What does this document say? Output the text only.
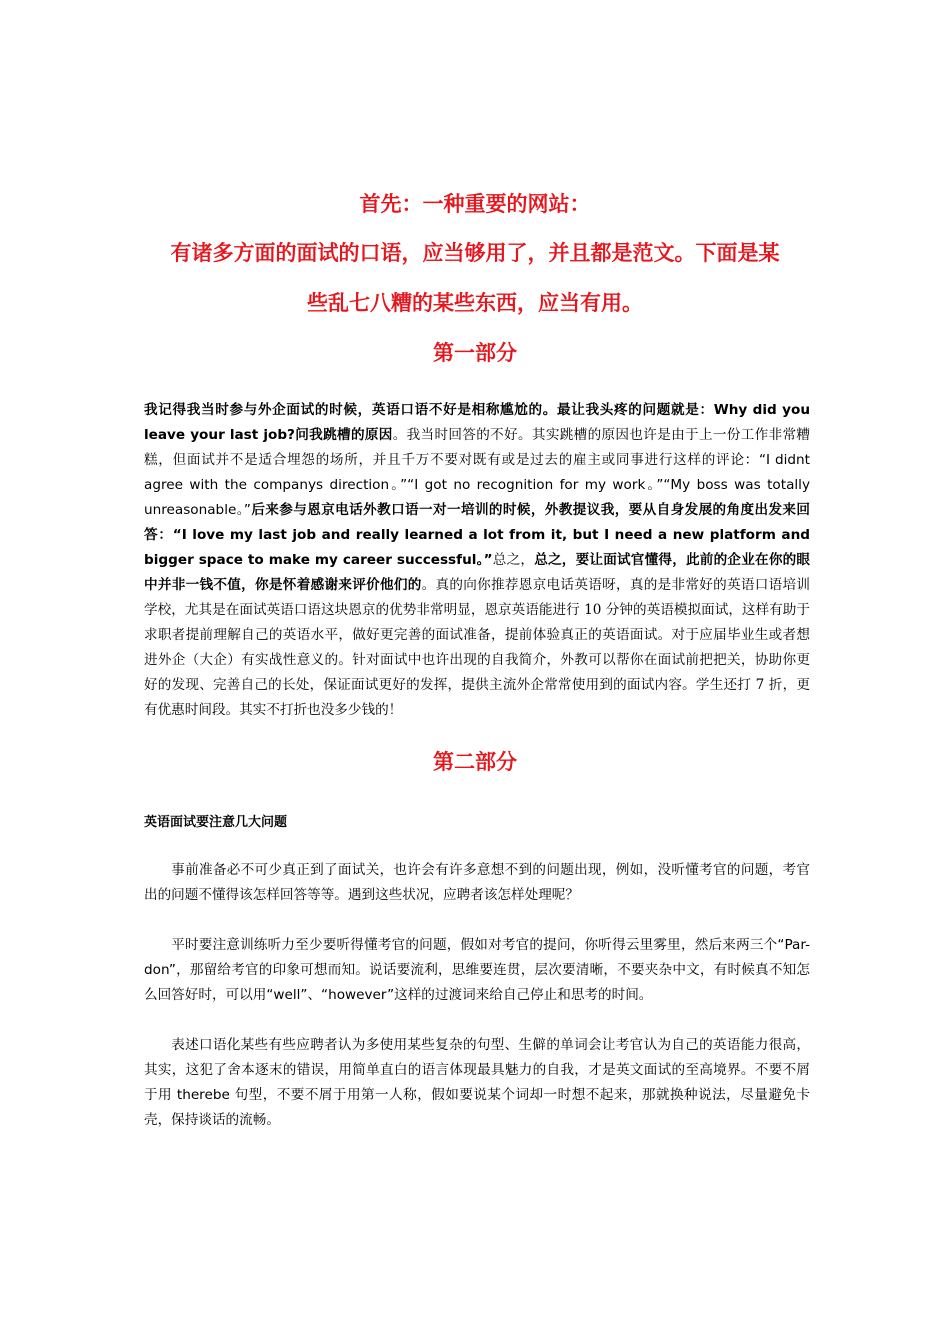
首先：一种重要的网站：
有诸多方面的面试的口语，应当够用了，并且都是范文。下面是某
些乱七八糟的某些东西，应当有用。
第一部分

我记得我当时参与外企面试的时候，英语口语不好是相称尴尬的。最让我头疼的问题就是：Why did you leave your last job?问我跳槽的原因。我当时回答的不好。其实跳槽的原因也许是由于上一份工作非常糟糕，但面试并不是适合埋怨的场所，并且千万不要对既有或是过去的雇主或同事进行这样的评论：“I didnt agree with the companys direction。”“I got no recognition for my work。”“My boss was totally unreasonable。”后来参与恩京电话外教口语一对一培训的时候，外教提议我，要从自身发展的角度出发来回答：“I love my last job and really learned a lot from it, but I need a new platform and bigger space to make my career successful。”总之，总之，要让面试官懂得，此前的企业在你的眼中并非一钱不值，你是怀着感谢来评价他们的。真的向你推荐恩京电话英语呀，真的是非常好的英语口语培训学校，尤其是在面试英语口语这块恩京的优势非常明显，恩京英语能进行 10 分钟的英语模拟面试，这样有助于求职者提前理解自己的英语水平，做好更完善的面试准备，提前体验真正的英语面试。对于应届毕业生或者想进外企（大企）有实战性意义的。针对面试中也许出现的自我简介，外教可以帮你在面试前把把关，协助你更好的发现、完善自己的长处，保证面试更好的发挥，提供主流外企常常使用到的面试内容。学生还打 7 折，更有优惠时间段。其实不打折也没多少钱的！

第二部分

英语面试要注意几大问题

事前准备必不可少真正到了面试关，也许会有许多意想不到的问题出现，例如，没听懂考官的问题，考官出的问题不懂得该怎样回答等等。遇到这些状况，应聘者该怎样处理呢？

平时要注意训练听力至少要听得懂考官的问题，假如对考官的提问，你听得云里雾里，然后来两三个“Par-don”，那留给考官的印象可想而知。说话要流利，思维要连贯，层次要清晰，不要夹杂中文，有时候真不知怎么回答好时，可以用“well”、“however”这样的过渡词来给自己停止和思考的时间。

表述口语化某些有些应聘者认为多使用某些复杂的句型、生僻的单词会让考官认为自己的英语能力很高，其实，这犯了舍本逐末的错误，用简单直白的语言体现最具魅力的自我，才是英文面试的至高境界。不要不屑于用 therebe 句型，不要不屑于用第一人称，假如要说某个词却一时想不起来，那就换种说法，尽量避免卡壳，保持谈话的流畅。
